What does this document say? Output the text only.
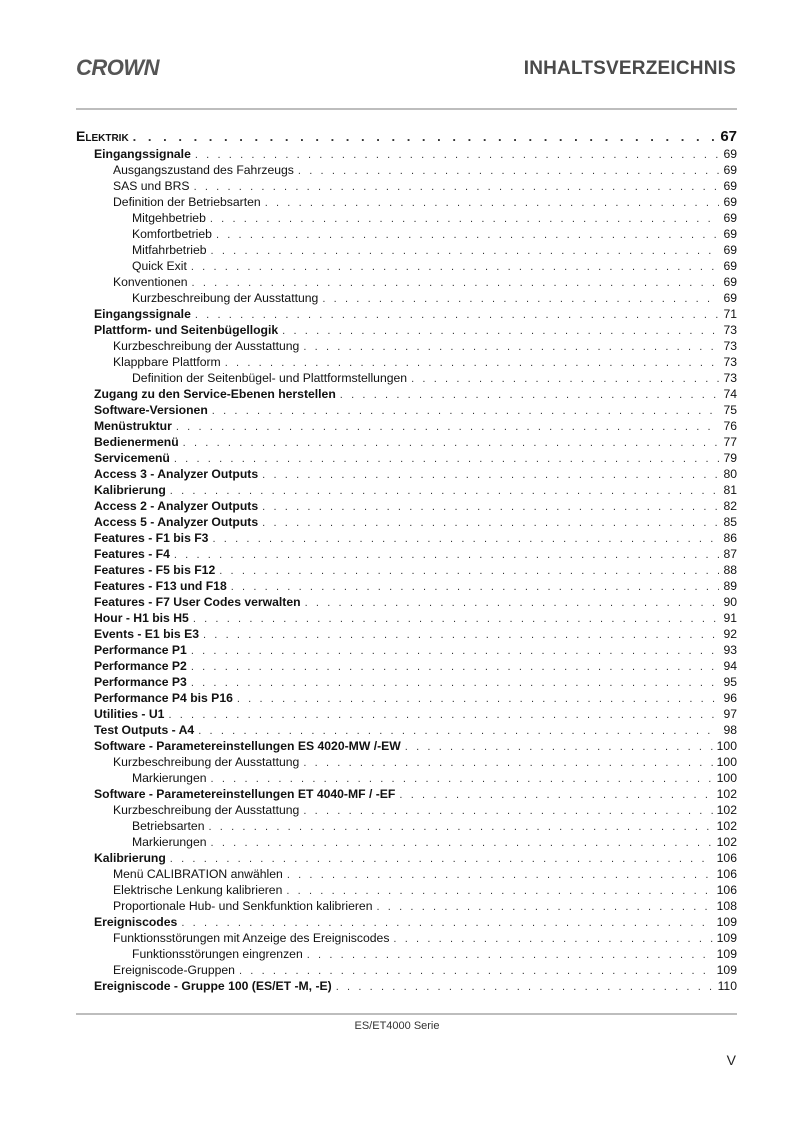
CROWN	INHALTSVERZEICHNIS
Elektrik . . .	67
Eingangssignale . . .	69
Ausgangszustand des Fahrzeugs . . .	69
SAS und BRS . . .	69
Definition der Betriebsarten . . .	69
Mitgehbetrieb . . .	69
Komfortbetrieb . . .	69
Mitfahrbetrieb . . .	69
Quick Exit . . .	69
Konventionen . . .	69
Kurzbeschreibung der Ausstattung . . .	69
Eingangssignale . . .	71
Plattform- und Seitenbügellogik . . .	73
Kurzbeschreibung der Ausstattung . . .	73
Klappbare Plattform . . .	73
Definition der Seitenbügel- und Plattformstellungen . . .	73
Zugang zu den Service-Ebenen herstellen . . .	74
Software-Versionen . . .	75
Menüstruktur . . .	76
Bedienermenü . . .	77
Servicemenü . . .	79
Access 3 - Analyzer Outputs . . .	80
Kalibrierung . . .	81
Access 2 - Analyzer Outputs . . .	82
Access 5 - Analyzer Outputs . . .	85
Features - F1 bis F3 . . .	86
Features - F4 . . .	87
Features - F5 bis F12 . . .	88
Features - F13 und F18 . . .	89
Features - F7 User Codes verwalten . . .	90
Hour - H1 bis H5 . . .	91
Events - E1 bis E3 . . .	92
Performance P1 . . .	93
Performance P2 . . .	94
Performance P3 . . .	95
Performance P4 bis P16 . . .	96
Utilities - U1 . . .	97
Test Outputs - A4 . . .	98
Software - Parametereinstellungen ES 4020-MW /-EW . . .	100
Kurzbeschreibung der Ausstattung . . .	100
Markierungen . . .	100
Software - Parametereinstellungen ET 4040-MF / -EF . . .	102
Kurzbeschreibung der Ausstattung . . .	102
Betriebsarten . . .	102
Markierungen . . .	102
Kalibrierung . . .	106
Menü CALIBRATION anwählen . . .	106
Elektrische Lenkung kalibrieren . . .	106
Proportionale Hub- und Senkfunktion kalibrieren . . .	108
Ereigniscodes . . .	109
Funktionsstörungen mit Anzeige des Ereigniscodes . . .	109
Funktionsstörungen eingrenzen . . .	109
Ereigniscode-Gruppen . . .	109
Ereigniscode - Gruppe 100 (ES/ET -M, -E) . . .	110
ES/ET4000 Serie
V
